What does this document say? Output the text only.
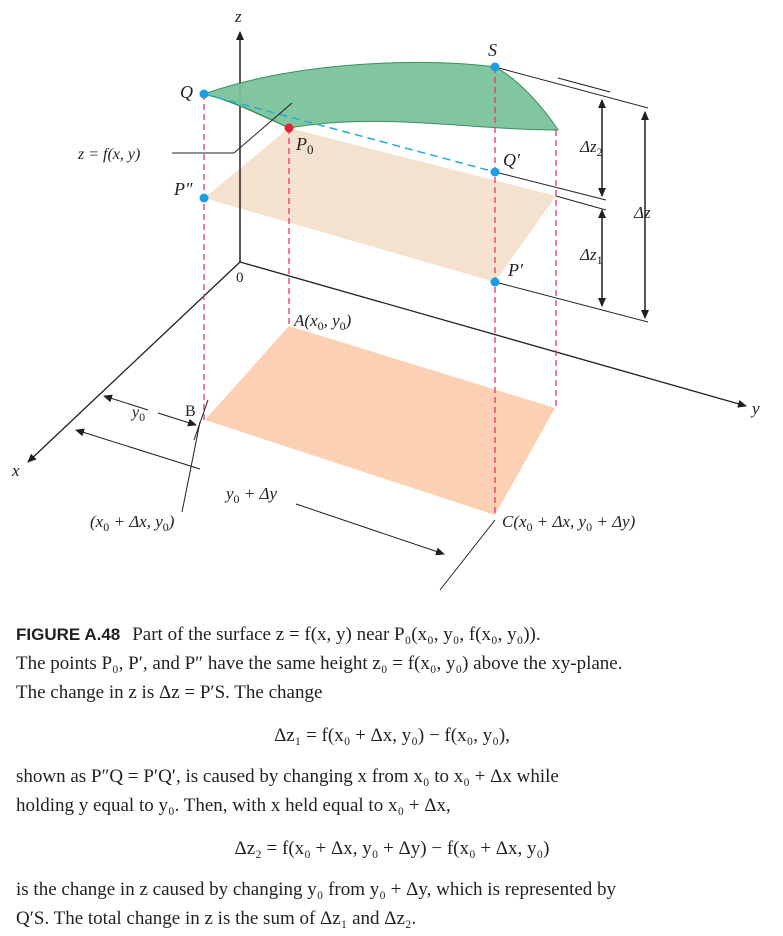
z
x
y
0
z = f(x, y)
Q
S
$P_0$
Q′
P″
P′
$A(x_0$, $y_0$)
B
$y_0$
$y_0 + \Delta y$
($x_0 + \Delta x$, $y_0$)	$C(x_0 + \Delta x$, $y_0 + \Delta y$)
$\Delta z_2$
$\Delta z_1$
Δz

FIGURE A.48 Part of the surface z = f(x, y) near P₀(x₀, y₀, f(x₀, y₀)).

The points P₀, P′, and P″ have the same height z₀ = f(x₀, y₀) above the xy-plane.

The change in z is Δz = P′S. The change

Δz₁ = f(x₀ + Δx, y₀) − f(x₀, y₀),

shown as P″Q = P′Q′, is caused by changing x from x₀ to x₀ + Δx while

holding y equal to y₀. Then, with x held equal to x₀ + Δx,

Δz₂ = f(x₀ + Δx, y₀ + Δy) − f(x₀ + Δx, y₀)

is the change in z caused by changing y₀ from y₀ + Δy, which is represented by

Q′S. The total change in z is the sum of Δz₁ and Δz₂.
